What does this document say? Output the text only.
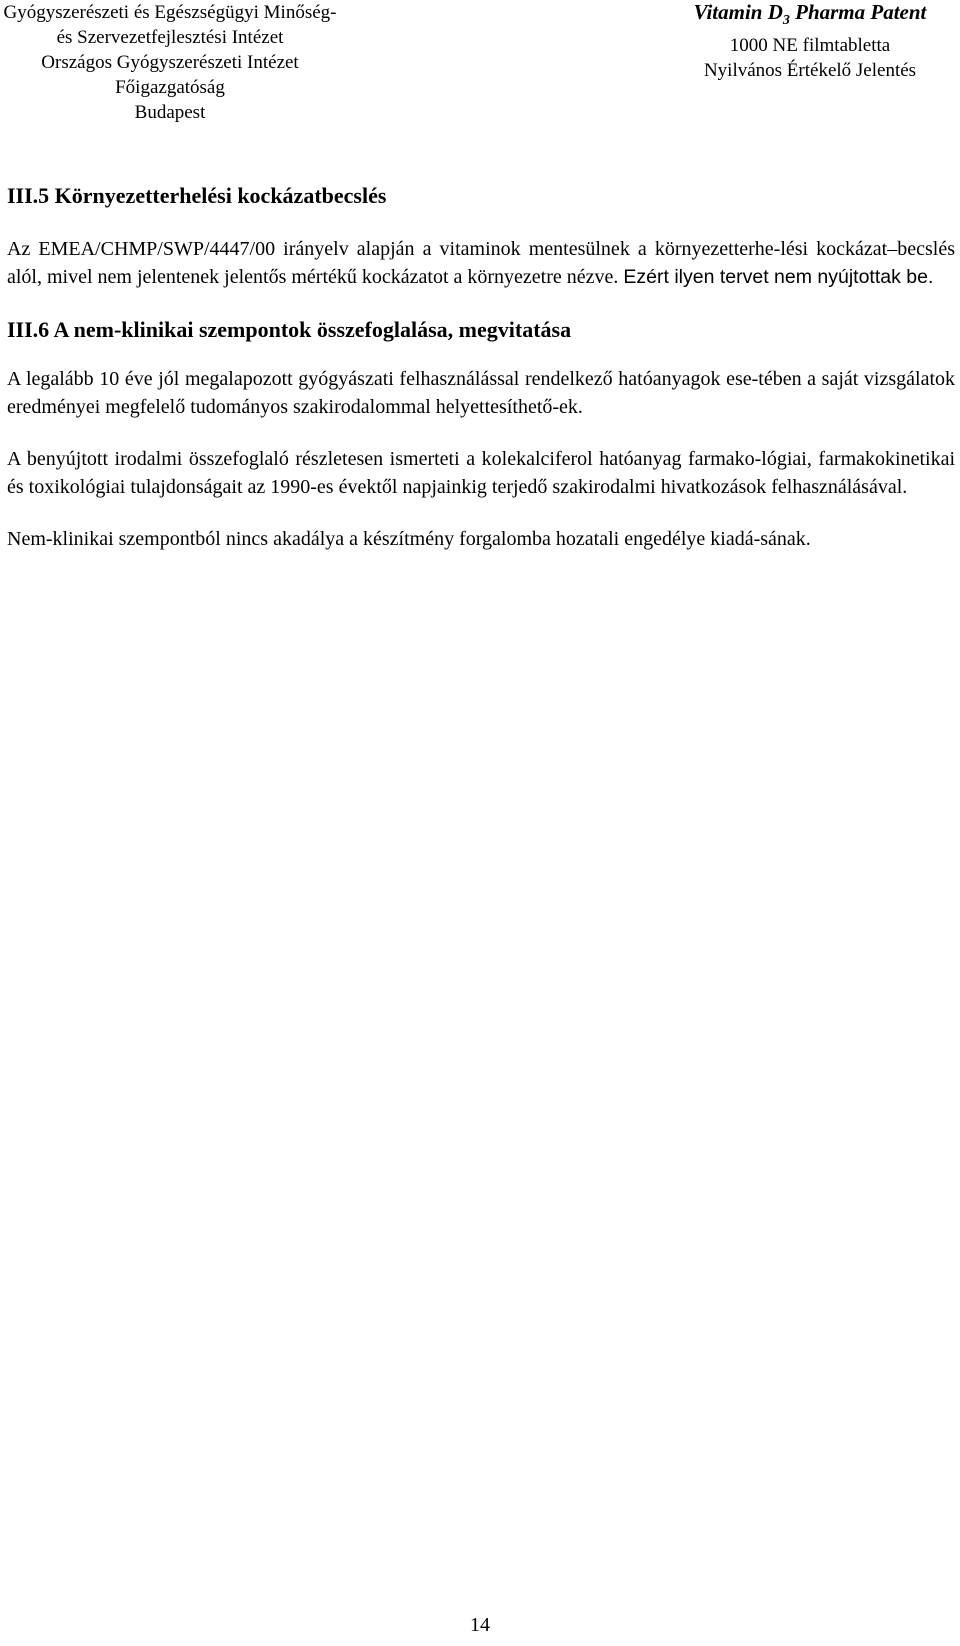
Gyógyszerészeti és Egészségügyi Minőség-
és Szervezetfejlesztési Intézet
Országos Gyógyszerészeti Intézet
Főigazgatóság
Budapest
Vitamin $D_3$ Pharma Patent
1000 NE filmtabletta
Nyilvános Értékelő Jelentés
III.5 Környezetterhelési kockázatbecslés

Az EMEA/CHMP/SWP/4447/00 irányelv alapján a vitaminok mentesülnek a környezetterhe-lési kockázat–becslés alól, mivel nem jelentenek jelentős mértékű kockázatot a környezetre nézve. Ezért ilyen tervet nem nyújtottak be.

III.6 A nem-klinikai szempontok összefoglalása, megvitatása

A legalább 10 éve jól megalapozott gyógyászati felhasználással rendelkező hatóanyagok ese-tében a saját vizsgálatok eredményei megfelelő tudományos szakirodalommal helyettesíthető-ek.

A benyújtott irodalmi összefoglaló részletesen ismerteti a kolekalciferol hatóanyag farmako-lógiai, farmakokinetikai és toxikológiai tulajdonságait az 1990-es évektől napjainkig terjedő szakirodalmi hivatkozások felhasználásával.

Nem-klinikai szempontból nincs akadálya a készítmény forgalomba hozatali engedélye kiadá-sának.

14
